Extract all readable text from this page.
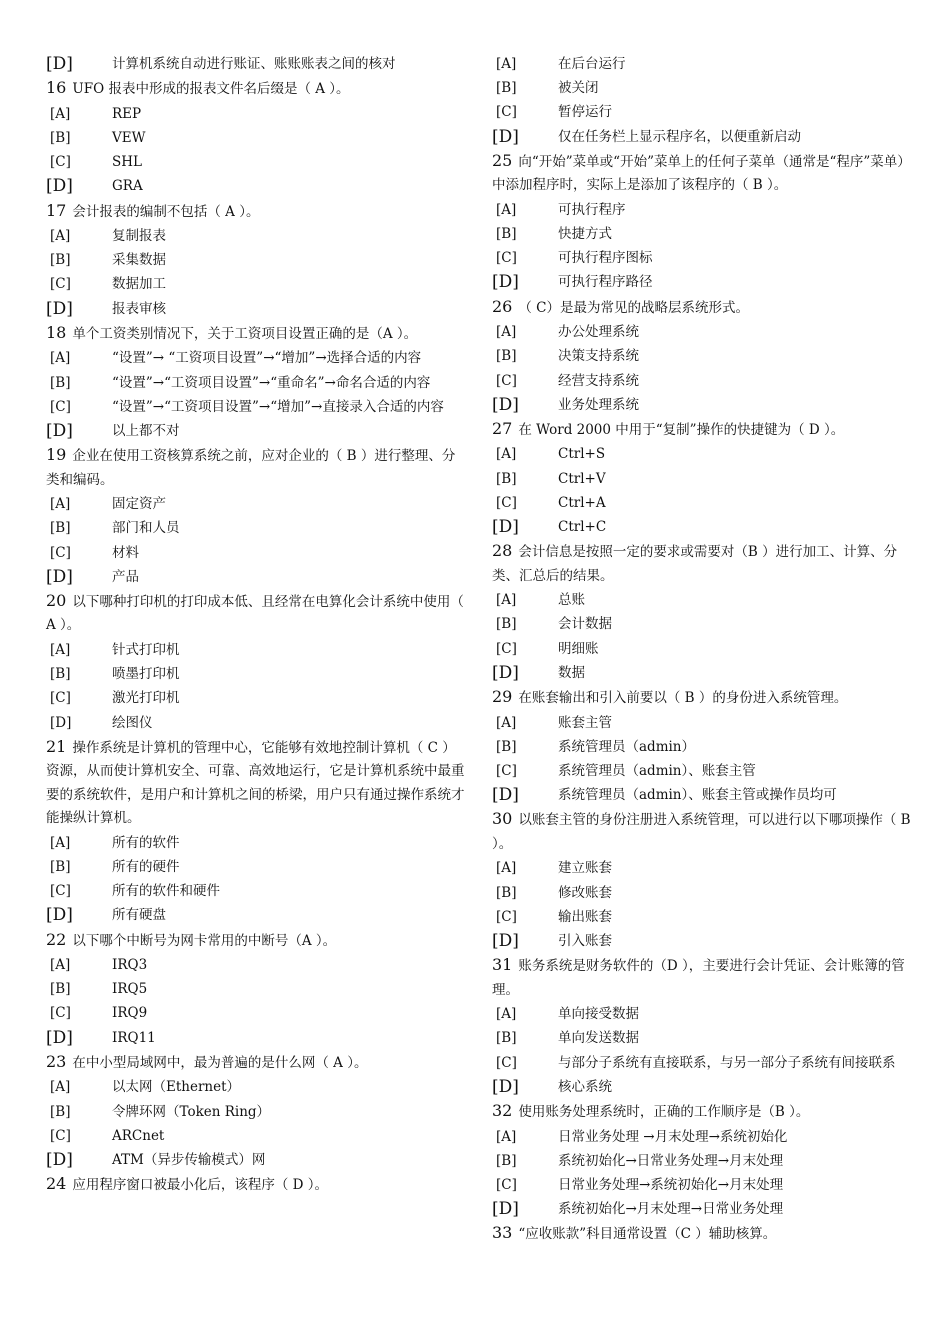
[D]	计算机系统自动进行账证、账账账表之间的核对

16 UFO 报表中形成的报表文件名后缀是（ A ）。

[A]	REP
[B]	VEW
[C]	SHL
[D]	GRA

17 会计报表的编制不包括（ A ）。

[A]	复制报表
[B]	采集数据
[C]	数据加工
[D]	报表审核

18 单个工资类别情况下，关于工资项目设置正确的是（A ）。

[A]	“设置”→ “工资项目设置”→“增加”→选择合适的内容
[B]	“设置”→“工资项目设置”→“重命名”→命名合适的内容
[C]	“设置”→“工资项目设置”→“增加”→直接录入合适的内容
[D]	以上都不对

19 企业在使用工资核算系统之前，应对企业的（ B ）进行整理、分类和编码。

[A]	固定资产
[B]	部门和人员
[C]	材料
[D]	产品

20 以下哪种打印机的打印成本低、且经常在电算化会计系统中使用（ A ）。

[A]	针式打印机
[B]	喷墨打印机
[C]	激光打印机
[D]	绘图仪

21 操作系统是计算机的管理中心，它能够有效地控制计算机（ C ）资源，从而使计算机安全、可靠、高效地运行，它是计算机系统中最重要的系统软件，是用户和计算机之间的桥梁，用户只有通过操作系统才能操纵计算机。

[A]	所有的软件
[B]	所有的硬件
[C]	所有的软件和硬件
[D]	所有硬盘

22 以下哪个中断号为网卡常用的中断号（A ）。

[A]	IRQ3
[B]	IRQ5
[C]	IRQ9
[D]	IRQ11

23 在中小型局域网中，最为普遍的是什么网（ A ）。

[A]	以太网（Ethernet）
[B]	令牌环网（Token Ring）
[C]	ARCnet
[D]	ATM（异步传输模式）网

24 应用程序窗口被最小化后，该程序（ D ）。

[A]	在后台运行
[B]	被关闭
[C]	暂停运行
[D]	仅在任务栏上显示程序名，以便重新启动

25 向“开始”菜单或“开始”菜单上的任何子菜单（通常是“程序”菜单）中添加程序时，实际上是添加了该程序的（ B ）。

[A]	可执行程序
[B]	快捷方式
[C]	可执行程序图标
[D]	可执行程序路径

26 （ C）是最为常见的战略层系统形式。

[A]	办公处理系统
[B]	决策支持系统
[C]	经营支持系统
[D]	业务处理系统

27 在 Word 2000 中用于“复制”操作的快捷键为（ D ）。

[A]	Ctrl+S
[B]	Ctrl+V
[C]	Ctrl+A
[D]	Ctrl+C

28 会计信息是按照一定的要求或需要对（B ）进行加工、计算、分类、汇总后的结果。

[A]	总账
[B]	会计数据
[C]	明细账
[D]	数据

29 在账套输出和引入前要以（ B ）的身份进入系统管理。

[A]	账套主管
[B]	系统管理员（admin）
[C]	系统管理员（admin）、账套主管
[D]	系统管理员（admin）、账套主管或操作员均可

30 以账套主管的身份注册进入系统管理，可以进行以下哪项操作（ B ）。

[A]	建立账套
[B]	修改账套
[C]	输出账套
[D]	引入账套

31 账务系统是财务软件的（D ），主要进行会计凭证、会计账簿的管理。

[A]	单向接受数据
[B]	单向发送数据
[C]	与部分子系统有直接联系，与另一部分子系统有间接联系
[D]	核心系统

32 使用账务处理系统时，正确的工作顺序是（B ）。

[A]	日常业务处理 →月末处理→系统初始化
[B]	系统初始化→日常业务处理→月末处理
[C]	日常业务处理→系统初始化→月末处理
[D]	系统初始化→月末处理→日常业务处理

33 “应收账款”科目通常设置（C ）辅助核算。
